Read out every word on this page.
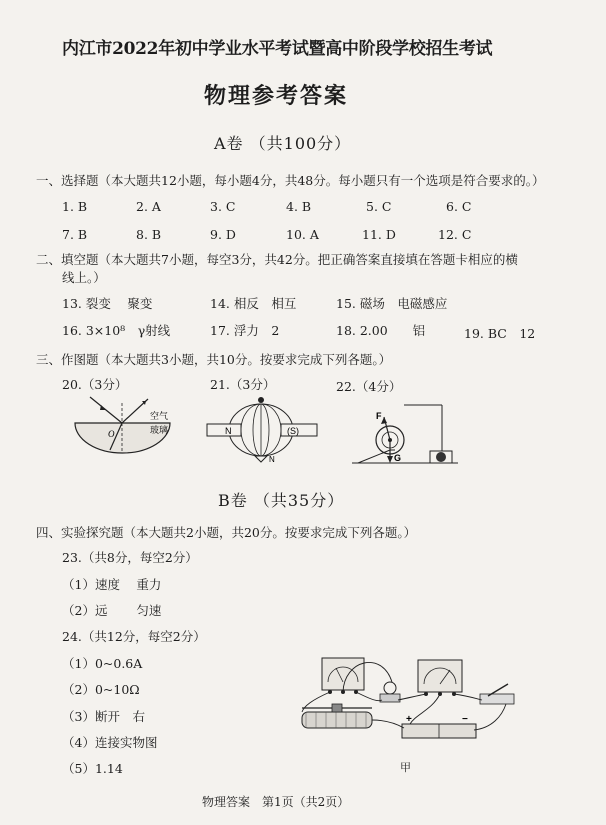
内江市2022年初中学业水平考试暨高中阶段学校招生考试
物理参考答案
A卷 （共100分）
一、选择题（本大题共12小题，每小题4分，共48分。每小题只有一个选项是符合要求的。）
1. B	2. A	3. C	4. B	5. C	6. C
7. B	8. B	9. D	10. A	11. D	12. C
二、填空题（本大题共7小题，每空3分，共42分。把正确答案直接填在答题卡相应的横
线上。）
13. 裂变　 聚变	14. 相反　相互	15. 磁场　电磁感应
16. 3×10⁸　γ射线	17. 浮力　2	18. 2.00　　铝	19. BC　12
三、作图题（本大题共3小题，共10分。按要求完成下列各题。）
20.（3分）	21.（3分）	22.（4分）
O
空气
玻璃	N	(S)
N
F
G
B卷 （共35分）
四、实验探究题（本大题共2小题，共20分。按要求完成下列各题。）
23.（共8分，每空2分）
（1）速度　 重力
（2）远　　 匀速
24.（共12分，每空2分）
（1）0~0.6A
（2）0~10Ω
（3）断开　右
（4）连接实物图
（5）1.14
+	−
甲
物理答案　第1页（共2页）
